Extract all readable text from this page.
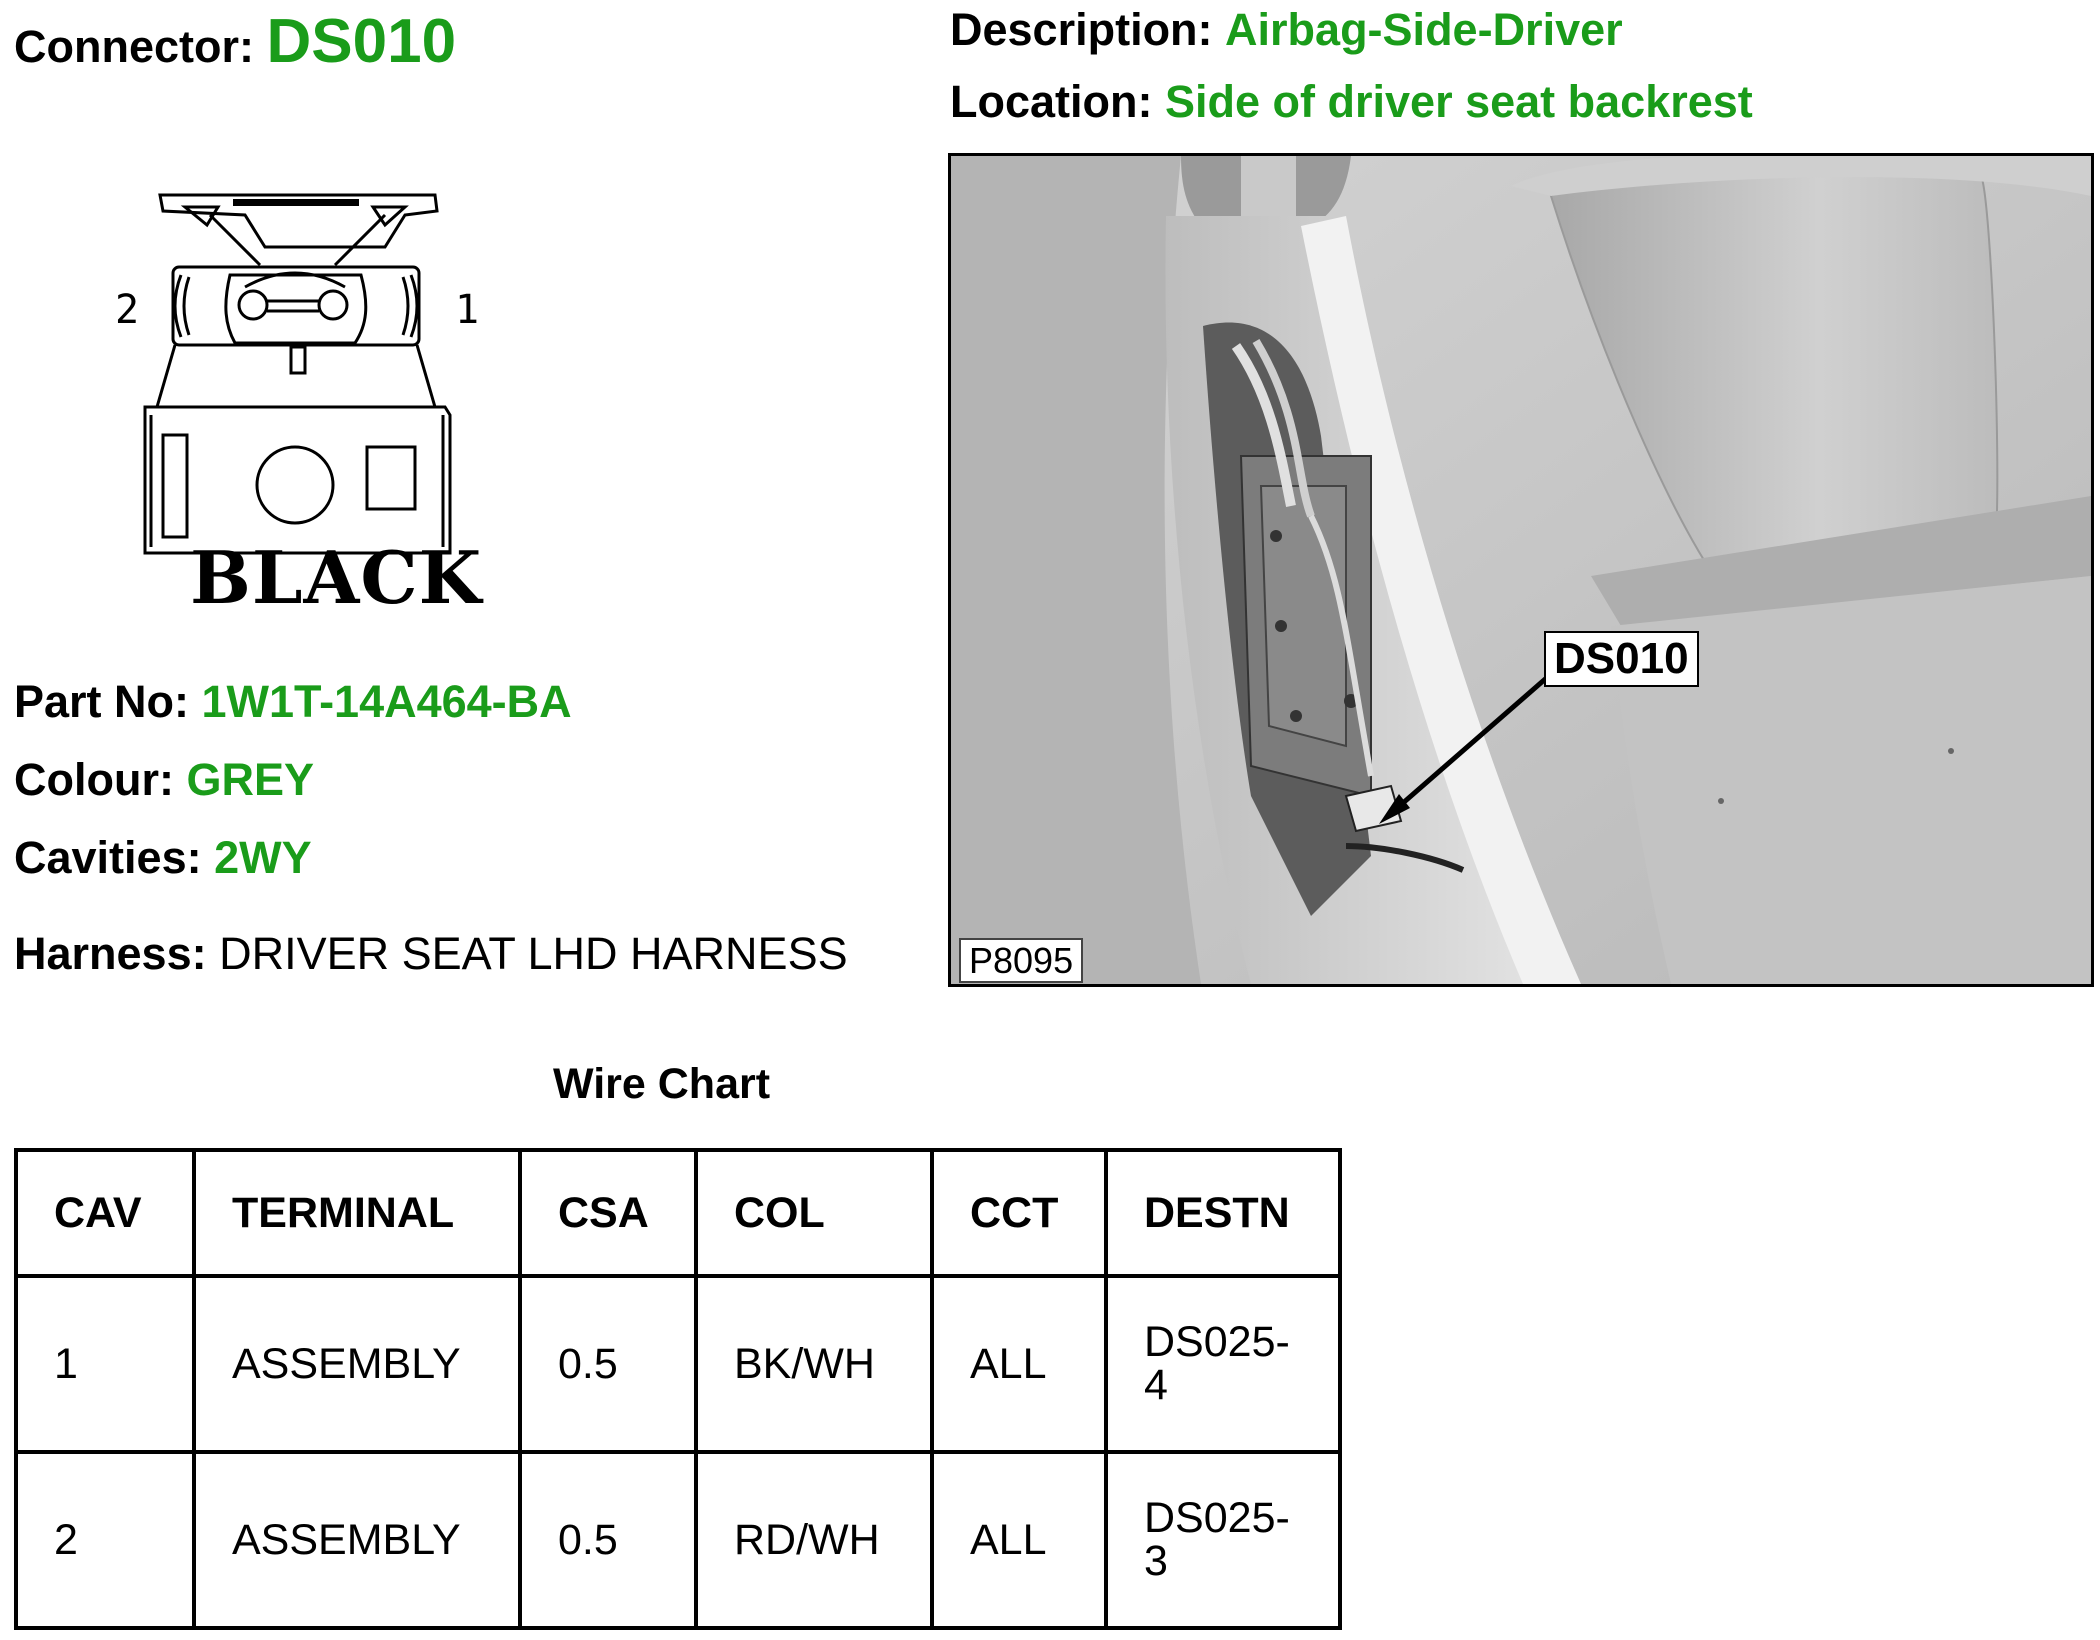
Connector: DS010	Description: Airbag-Side-Driver
Location: Side of driver seat backrest
2	1
BLACK
DS010
P8095
Part No: 1W1T-14A464-BA
Colour: GREY
Cavities: 2WY
Harness: DRIVER SEAT LHD HARNESS
Wire Chart
CAV	TERMINAL	CSA	COL	CCT	DESTN
1	ASSEMBLY	0.5	BK/WH	ALL	DS025-
4
2	ASSEMBLY	0.5	RD/WH	ALL	DS025-
3
